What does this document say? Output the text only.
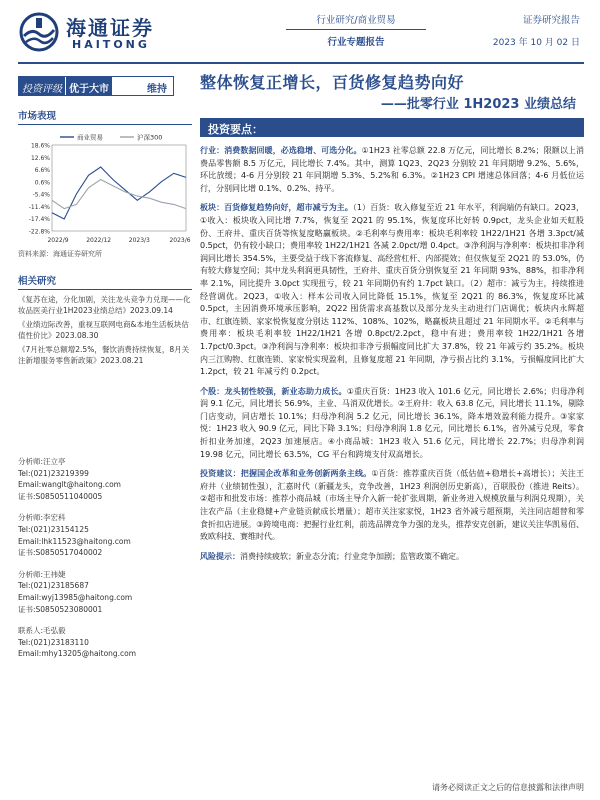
海通证券
HAITONG
行业研究/商业贸易
行业专题报告
证券研究报告
2023 年 10 月 02 日
投资评级 优于大市	维持	整体恢复正增长，百货修复趋势向好
——批零行业 1H2023 业绩总结
市场表现
18.6%
12.6%
6.6%
0.6%
-5.4%
-11.4%
-17.4%
-22.8%
2022/9	2022/12	2023/3	2023/6
商业贸易	沪深300
资料来源：海通证券研究所
相关研究
《复苏在途，分化加剧，关注龙头竞争力兑现——化妆品医美行业1H2023业绩总结》2023.09.14
《业绩边际改善，重视互联网电商&本地生活板块估值性价比》2023.08.30
《7月社零总额增2.5%，餐饮消费持续恢复，8月关注新增服务零售新政策》2023.08.21
分析师:汪立亭
Tel:(021)23219399
Email:wanglt@haitong.com
证书:S0850511040005
分析师:李宏科
Tel:(021)23154125
Email:lhk11523@haitong.com
证书:S0850517040002
分析师:王祎婕
Tel:(021)23185687
Email:wyj13985@haitong.com
证书:S0850523080001
联系人:毛弘毅
Tel:(021)23183110
Email:mhy13205@haitong.com
投资要点：
行业：消费数据回暖，必选稳增、可选分化。①1H23 社零总额 22.8 万亿元，同比增长 8.2%；限额以上消费品零售额 8.5 万亿元，同比增长 7.4%。其中，测算 1Q23、2Q23 分别较 21 年同期增 9.2%、5.6%，环比放缓；4-6 月分别较 21 年同期增 5.3%、5.2%和 6.3%。②1H23 CPI 增速总体回落；4-6 月低位运行，分别同比增 0.1%、0.2%、持平。
板块：百货修复趋势向好，超市减亏为主。（1）百货：收入修复至近 21 年水平，利润端仍有缺口。2Q23，①收入：板块收入同比增 7.7%，恢复至 2Q21 的 95.1%，恢复度环比好转 0.9pct，龙头企业如天虹股份、王府井、重庆百货等恢复度略赢板块。②毛利率与费用率：板块毛利率较 1H22/1H21 各增 3.3pct/减 0.5pct，仍有较小缺口；费用率较 1H22/1H21 各减 2.0pct/增 0.4pct。③净利润与净利率：板块扣非净利润同比增长 354.5%，主要受益于线下客流修复、高经营杠杆、内部提效；但仅恢复至 2Q21 的 53.0%，仍有较大修复空间；其中龙头利润更具韧性，王府井、重庆百货分别恢复至 21 年同期 93%、88%，扣非净利率 2.1%，同比提升 3.0pct 实现扭亏，较 21 年同期仍有约 1.7pct 缺口。（2）超市：减亏为主，持续推进经营调优。2Q23，①收入：样本公司收入同比降低 15.1%，恢复至 2Q21 的 86.3%，恢复度环比减 0.5pct，主因消费环境承压影响，2Q22 囤货需求高基数以及部分龙头主动进行门店调优；板块内永辉超市、红旗连锁、家家悦恢复度分别达 112%、108%、102%，略赢板块且超过 21 年同期水平。②毛利率与费用率：板块毛利率较 1H22/1H21 各增 0.8pct/2.2pct，稳中有进；费用率较 1H22/1H21 各增 1.7pct/0.3pct。③净利润与净利率：板块扣非净亏损幅度同比扩大 37.8%，较 21 年减亏约 35.2%。板块内三江购物、红旗连锁、家家悦实现盈利，且修复度超 21 年同期，净亏损占比约 3.1%，亏损幅度同比扩大 1.2pct，较 21 年减亏约 0.2pct。
个股：龙头韧性较强，新业态助力成长。①重庆百货：1H23 收入 101.6 亿元，同比增长 2.6%；归母净利润 9.1 亿元，同比增长 56.9%，主业、马消双优增长。②王府井：收入 63.8 亿元，同比增长 11.1%，剔除门店变动，同店增长 10.1%；归母净利润 5.2 亿元，同比增长 36.1%，降本增效盈利能力提升。③家家悦：1H23 收入 90.9 亿元，同比下降 3.1%；归母净利润 1.8 亿元，同比增长 6.1%，省外减亏兑现，零食折扣业务加速，2Q23 加速展店。④小商品城：1H23 收入 51.6 亿元，同比增长 22.7%；归母净利润 19.98 亿元，同比增长 63.5%，CG 平台和跨境支付双高增长。
投资建议：把握国企改革和业务创新两条主线。①百货：推荐重庆百货（低估值+稳增长+高增长）；关注王府井（业绩韧性强），汇嘉时代（新疆龙头，竞争改善，1H23 利润创历史新高），百联股份（推进 Reits）。②超市和批发市场：推荐小商品城（市场主导介入新一轮扩张周期，新业务进入规模放量与利润兑现期），关注农产品（主业稳健+产业链贡献成长增量）；超市关注家家悦，1H23 省外减亏超预期，关注同店超替和零食折扣店进展。③跨境电商：把握行业红利，前选品牌竞争力强的龙头，推荐安克创新，建议关注华凯易佰、致欧科技、赛维时代。
风险提示：消费持续疲软；新业态分流；行业竞争加剧；监管政策不确定。
请务必阅读正文之后的信息披露和法律声明
